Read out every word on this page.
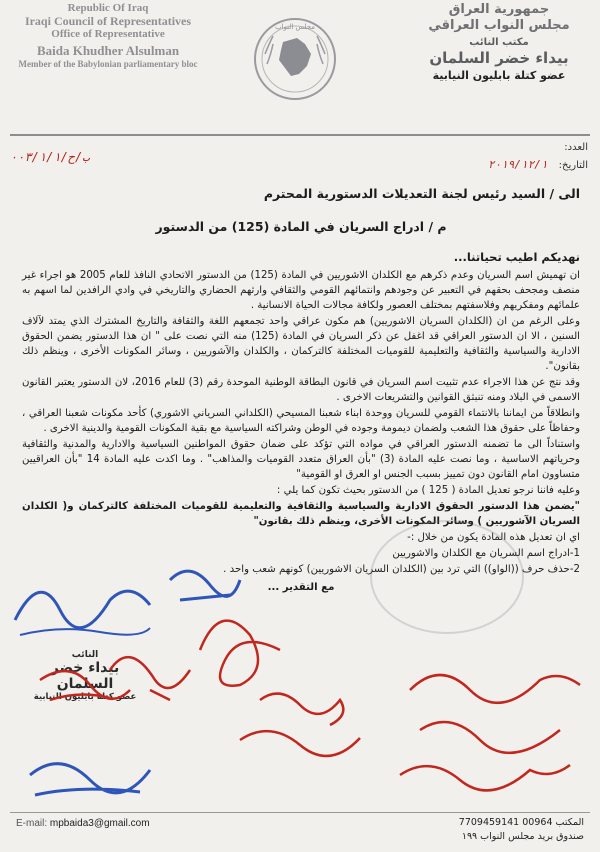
Republic Of Iraq
Iraqi Council of Representatives
Office of Representative
Baida Khudher Alsulman
Member of the Babylonian parliamentary bloc
مجلس النواب
جمهورية العراق
مجلس النواب العراقي
مكتب النائب
بيداء خضر السلمان
عضو كتلة بابليون النيابية
العدد:
التاريخ: ٢٠١٩/١٢/١
ب/ح/٠٠٣/١/١

الى / السيد رئيس لجنة التعديلات الدستورية المحترم

م / ادراج السريان في المادة (125) من الدستور

نهديكم اطيب تحياتنا...

ان تهميش اسم السريان وعدم ذكرهم مع الكلدان الاشوريين في المادة (125) من الدستور الاتحادي النافذ للعام 2005 هو اجراء غير منصف ومجحف بحقهم في التعبير عن وجودهم وانتمائهم القومي والثقافي وارثهم الحضاري والتاريخي في وادي الرافدين لما اسهم به علمائهم ومفكريهم وفلاسفتهم بمختلف العصور ولكافة مجالات الحياة الانسانية .

وعلى الرغم من ان (الكلدان السريان الاشوريين) هم مكون عراقي واحد تجمعهم اللغة والثقافة والتاريخ المشترك الذي يمتد لآلاف السنين ، الا ان الدستور العراقي قد اغفل عن ذكر السريان في المادة (125) منه التي نصت على " ان هذا الدستور يضمن الحقوق الادارية والسياسية والثقافية والتعليمية للقوميات المختلفة كالتركمان ، والكلدان والآشوريين ، وسائر المكونات الأخرى ، وينظم ذلك بقانون".

وقد نتج عن هذا الاجراء عدم تثبيت اسم السريان في قانون البطاقة الوطنية الموحدة رقم (3) للعام 2016، لان الدستور يعتبر القانون الاسمى في البلاد ومنه تنبثق القوانين والتشريعات الاخرى .

وانطلاقاً من ايماننا بالانتماء القومي للسريان ووحدة ابناء شعبنا المسيحي (الكلداني السرياني الاشوري) كأحد مكونات شعبنا العراقي ، وحفاظاً على حقوق هذا الشعب ولضمان ديمومة وجوده في الوطن وشراكته السياسية مع بقية المكونات القومية والدينية الاخرى .

واستناداً الى ما تضمنه الدستور العراقي في مواده التي تؤكد على ضمان حقوق المواطنين السياسية والادارية والمدنية والثقافية وحرياتهم الاساسية ، وما نصت عليه المادة (3) "بأن العراق متعدد القوميات والمذاهب" . وما اكدت عليه المادة 14 "بأن العراقيين متساوون امام القانون دون تمييز بسبب الجنس او العرق او القومية"

وعليه فاننا نرجو تعديل المادة ( 125 ) من الدستور بحيث تكون كما يلي :

"يضمن هذا الدستور الحقوق الادارية والسياسية والثقافية والتعليمية للقوميات المختلفة كالتركمان و( الكلدان السريان الآشوريين ) وسائر المكونات الأخرى، وينظم ذلك بقانون"

اي ان تعديل هذه المادة يكون من خلال :-

1-ادراج اسم السريان مع الكلدان والاشوريين

2-حذف حرف ((الواو)) التي ترد بين (الكلدان السريان الاشوريين) كونهم شعب واحد .

مع التقدير ...

النائب
بيداء خضر السلمان
عضو كتلة بابليون النيابية
E-mail: mpbaida3@gmail.com	المكتب 00964 7709459141
صندوق بريد مجلس النواب ١٩٩
